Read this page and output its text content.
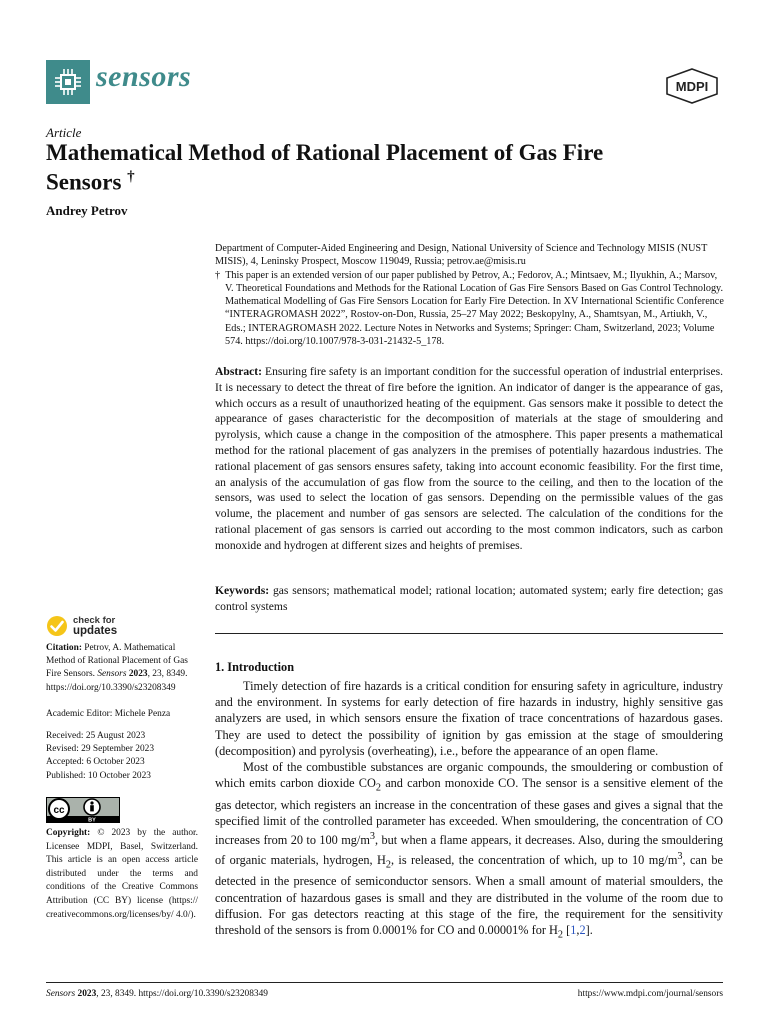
sensors	MDPI
Article
Mathematical Method of Rational Placement of Gas Fire Sensors †
Andrey Petrov

Department of Computer-Aided Engineering and Design, National University of Science and Technology MISIS (NUST MISIS), 4, Leninsky Prospect, Moscow 119049, Russia; petrov.ae@misis.ru

† This paper is an extended version of our paper published by Petrov, A.; Fedorov, A.; Mintsaev, M.; Ilyukhin, A.; Marsov, V. Theoretical Foundations and Methods for the Rational Location of Gas Fire Sensors Based on Gas Control Technology. Mathematical Modelling of Gas Fire Sensors Location for Early Fire Detection. In XV International Scientific Conference “INTERAGROMASH 2022”, Rostov-on-Don, Russia, 25–27 May 2022; Beskopylny, A., Shamtsyan, M., Artiukh, V., Eds.; INTERAGROMASH 2022. Lecture Notes in Networks and Systems; Springer: Cham, Switzerland, 2023; Volume 574. https://doi.org/10.1007/978-3-031-21432-5_178.

Abstract: Ensuring fire safety is an important condition for the successful operation of industrial enterprises. It is necessary to detect the threat of fire before the ignition. An indicator of danger is the appearance of gas, which occurs as a result of unauthorized heating of the equipment. Gas sensors make it possible to detect the appearance of gases characteristic for the decomposition of materials at the stage of smouldering and pyrolysis, which cause a change in the composition of the atmosphere. This paper presents a mathematical method for the rational placement of gas analyzers in the premises of potentially hazardous industries. The rational placement of gas sensors ensures safety, taking into account economic feasibility. For the first time, an analysis of the accumulation of gas flow from the source to the ceiling, and then to the location of the sensors, was used to select the location of gas sensors. Depending on the permissible values of the gas volume, the placement and number of gas sensors are selected. The calculation of the conditions for the rational placement of gas sensors is carried out according to the most common indicators, such as carbon monoxide and hydrogen at different sizes and heights of premises.

Keywords: gas sensors; mathematical model; rational location; automated system; early fire detection; gas control systems

check for
updates

Citation: Petrov, A. Mathematical Method of Rational Placement of Gas Fire Sensors. Sensors 2023, 23, 8349. https://doi.org/10.3390/s23208349

Academic Editor: Michele Penza

Received: 25 August 2023

Revised: 29 September 2023

Accepted: 6 October 2023

Published: 10 October 2023

cc
BY

Copyright: © 2023 by the author. Licensee MDPI, Basel, Switzerland. This article is an open access article distributed under the terms and conditions of the Creative Commons Attribution (CC BY) license (https:// creativecommons.org/licenses/by/ 4.0/).

1. Introduction

Timely detection of fire hazards is a critical condition for ensuring safety in agriculture, industry and the environment. In systems for early detection of fire hazards in industry, highly sensitive gas analyzers are used, in which sensors ensure the fixation of trace concentrations of hazardous gases. They are used to detect the possibility of ignition by gas emission at the stage of smouldering (decomposition) and pyrolysis (overheating), i.e., before the appearance of an open flame.

Most of the combustible substances are organic compounds, the smouldering or combustion of which emits carbon dioxide $CO_2$ and carbon monoxide CO. The sensor is a sensitive element of the gas detector, which registers an increase in the concentration of these gases and gives a signal that the specified limit of the controlled parameter has exceeded. When smouldering, the concentration of CO increases from 20 to 100 $mg/m^3$, but when a flame appears, it decreases. Also, during the smouldering of organic materials, hydrogen, $H_2$, is released, the concentration of which, up to 10 $mg/m^3$, can be detected in the presence of semiconductor sensors. When a small amount of material smoulders, the concentration of hazardous gases is small and they are distributed in the volume of the room due to diffusion. For gas detectors reacting at this stage of the fire, the requirement for the sensitivity threshold of the sensors is from 0.0001% for CO and 0.00001% for $H_2$ [1,2].

Sensors 2023, 23, 8349. https://doi.org/10.3390/s23208349	https://www.mdpi.com/journal/sensors
